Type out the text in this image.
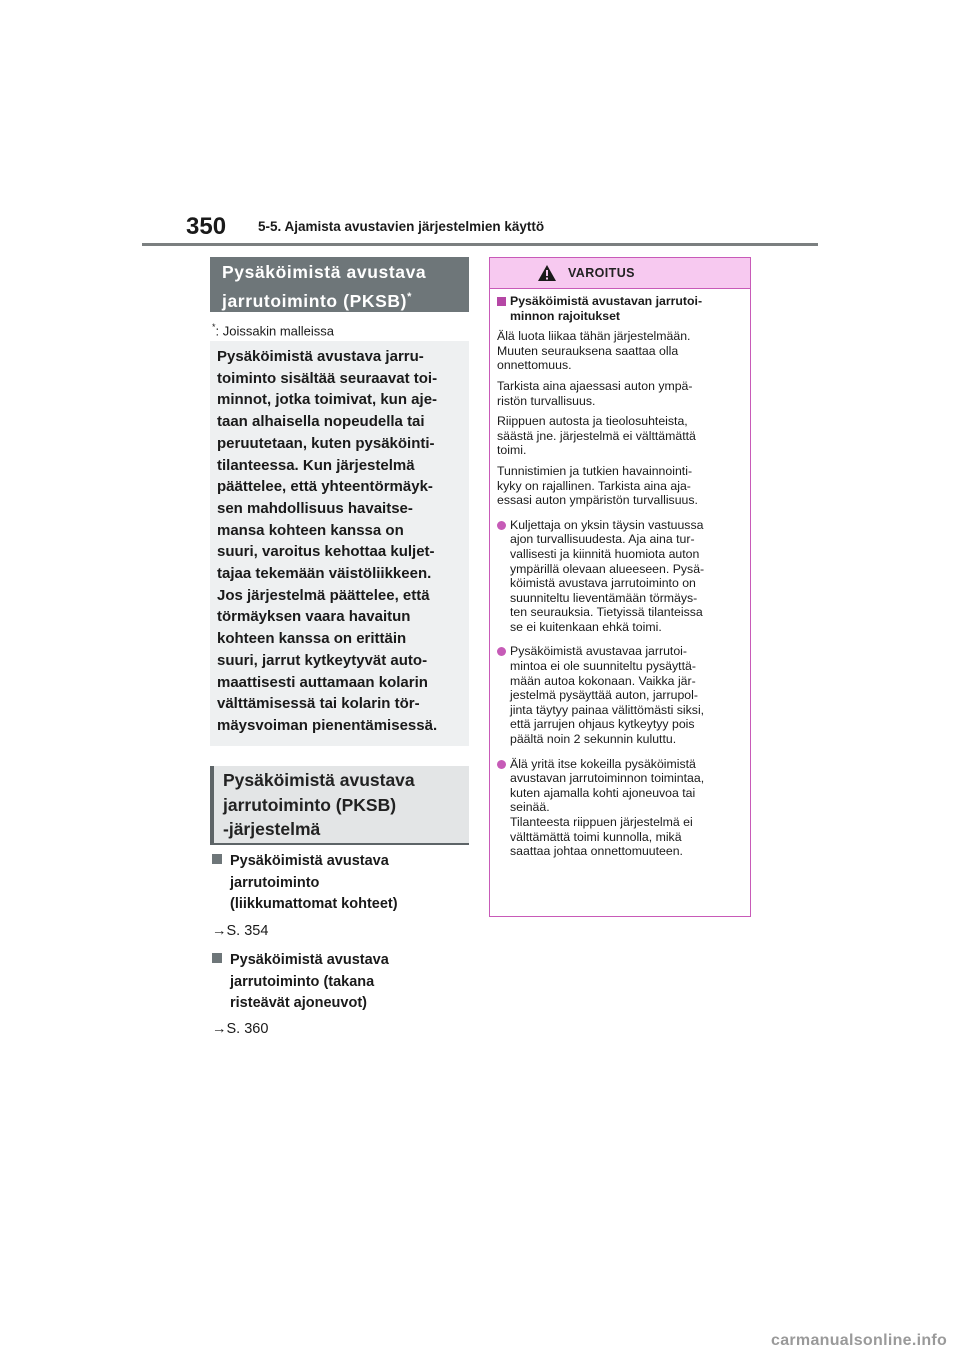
350 5-5. Ajamista avustavien järjestelmien käyttö
Pysäköimistä avustava
jarrutoiminto (PKSB)*
*: Joissakin malleissa

Pysäköimistä avustava jarru-

toiminto sisältää seuraavat toi-

minnot, jotka toimivat, kun aje-

taan alhaisella nopeudella tai

peruutetaan, kuten pysäköinti-

tilanteessa. Kun järjestelmä

päättelee, että yhteentörmäyk-

sen mahdollisuus havaitse-

mansa kohteen kanssa on

suuri, varoitus kehottaa kuljet-

tajaa tekemään väistöliikkeen.

Jos järjestelmä päättelee, että

törmäyksen vaara havaitun

kohteen kanssa on erittäin

suuri, jarrut kytkeytyvät auto-

maattisesti auttamaan kolarin

välttämisessä tai kolarin tör-

mäysvoiman pienentämisessä.

Pysäköimistä avustava
jarrutoiminto (PKSB)
-järjestelmä
Pysäköimistä avustava
jarrutoiminto
(liikkumattomat kohteet)
→S. 354
Pysäköimistä avustava
jarrutoiminto (takana
risteävät ajoneuvot)
→S. 360
VAROITUS
Pysäköimistä avustavan jarrutoi-
minnon rajoitukset

Älä luota liikaa tähän järjestelmään.
Muuten seurauksena saattaa olla
onnettomuus.

Tarkista aina ajaessasi auton ympä-
ristön turvallisuus.

Riippuen autosta ja tieolosuhteista,
säästä jne. järjestelmä ei välttämättä
toimi.

Tunnistimien ja tutkien havainnointi-
kyky on rajallinen. Tarkista aina aja-
essasi auton ympäristön turvallisuus.

Kuljettaja on yksin täysin vastuussa
ajon turvallisuudesta. Aja aina tur-
vallisesti ja kiinnitä huomiota auton
ympärillä olevaan alueeseen. Pysä-
köimistä avustava jarrutoiminto on
suunniteltu lieventämään törmäys-
ten seurauksia. Tietyissä tilanteissa
se ei kuitenkaan ehkä toimi.
Pysäköimistä avustavaa jarrutoi-
mintoa ei ole suunniteltu pysäyttä-
mään autoa kokonaan. Vaikka jär-
jestelmä pysäyttää auton, jarrupol-
jinta täytyy painaa välittömästi siksi,
että jarrujen ohjaus kytkeytyy pois
päältä noin 2 sekunnin kuluttu.
Älä yritä itse kokeilla pysäköimistä
avustavan jarrutoiminnon toimintaa,
kuten ajamalla kohti ajoneuvoa tai
seinää.
Tilanteesta riippuen järjestelmä ei
välttämättä toimi kunnolla, mikä
saattaa johtaa onnettomuuteen.
carmanualsonline.info
